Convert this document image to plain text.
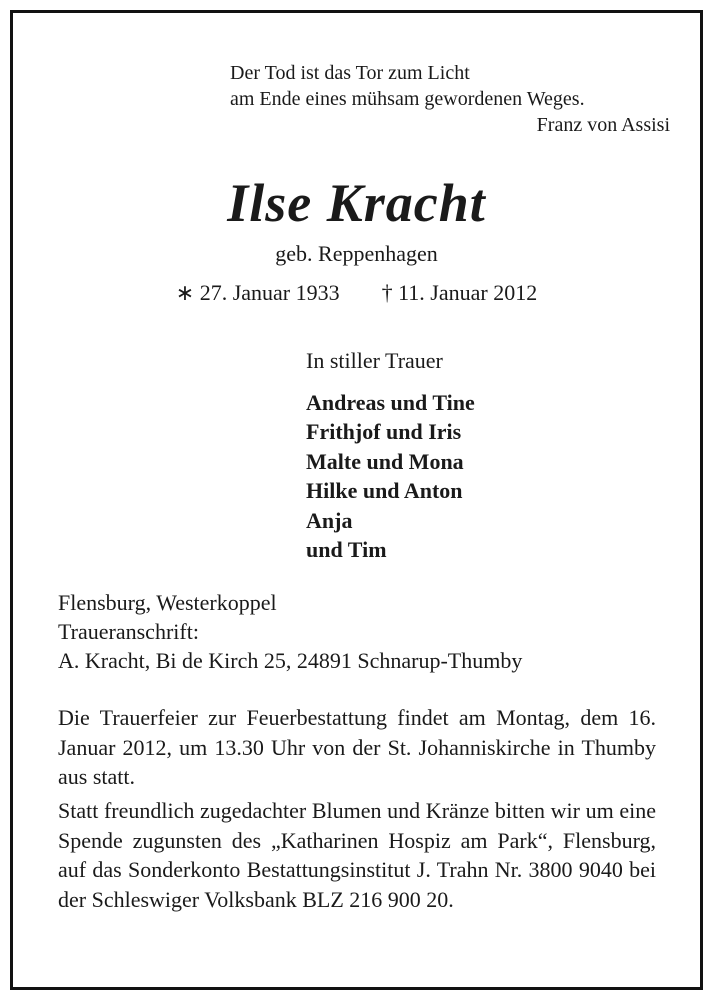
Der Tod ist das Tor zum Licht
am Ende eines mühsam gewordenen Weges.
Franz von Assisi
Ilse Kracht
geb. Reppenhagen
∗ 27. Januar 1933 † 11. Januar 2012
In stiller Trauer
Andreas und Tine
Frithjof und Iris
Malte und Mona
Hilke und Anton
Anja
und Tim
Flensburg, Westerkoppel
Traueranschrift:
A. Kracht, Bi de Kirch 25, 24891 Schnarup-Thumby
Die Trauerfeier zur Feuerbestattung findet am Montag, dem 16. Januar 2012, um 13.30 Uhr von der St. Johanniskirche in Thumby aus statt.
Statt freundlich zugedachter Blumen und Kränze bitten wir um eine Spende zugunsten des „Katharinen Hospiz am Park“, Flensburg, auf das Sonderkonto Bestattungsinstitut J. Trahn Nr. 3800 9040 bei der Schleswiger Volksbank BLZ 216 900 20.
